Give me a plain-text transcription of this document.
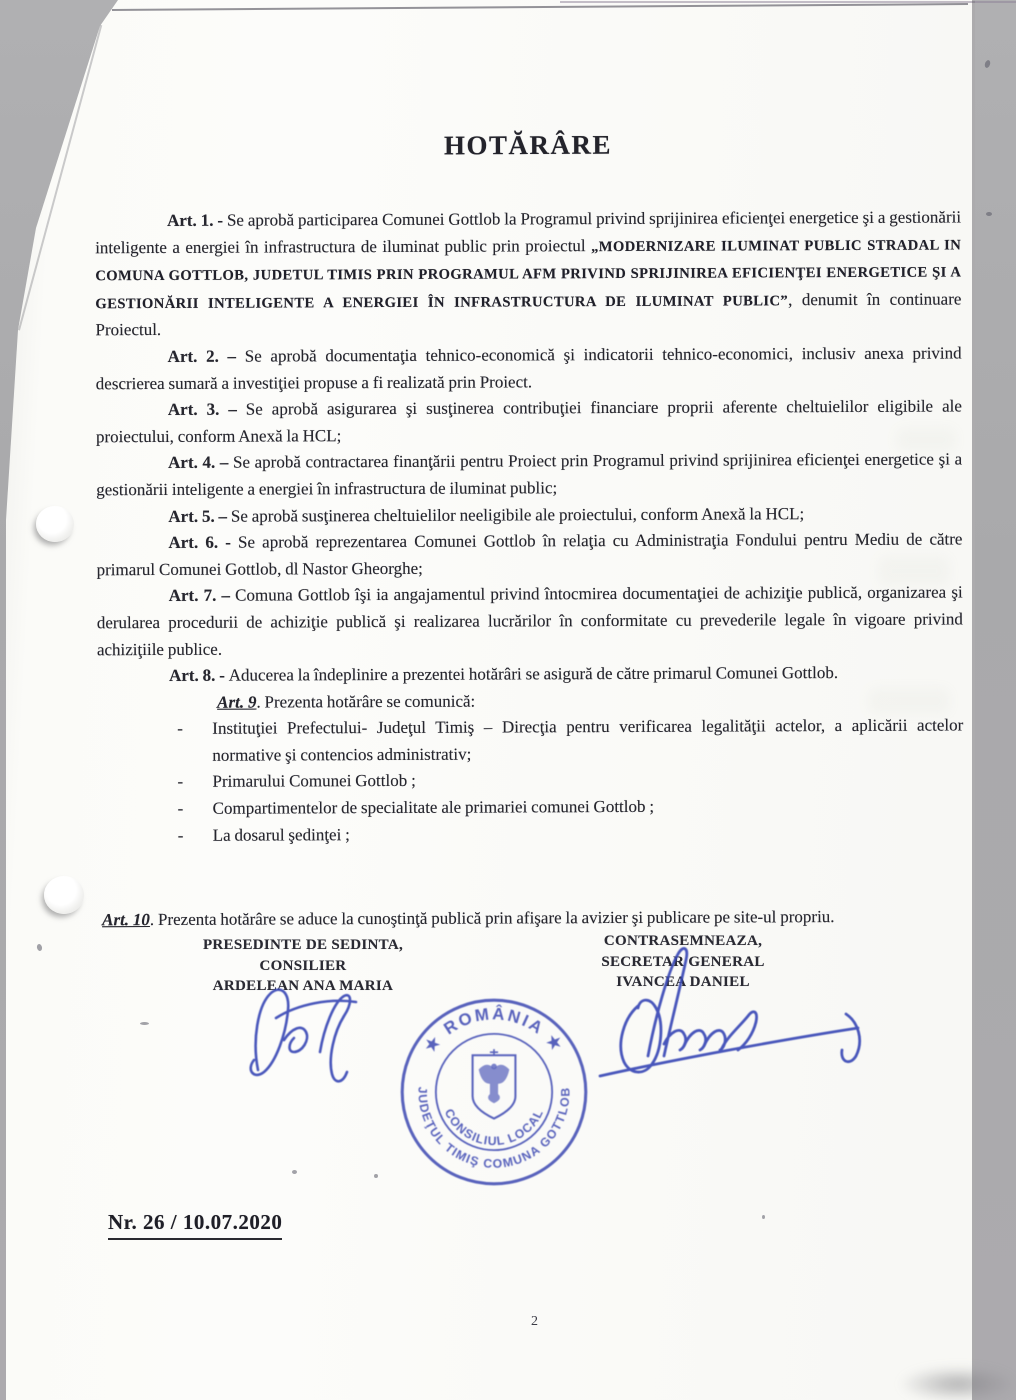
HOTĂRÂRE

Art. 1. - Se aprobă participarea Comunei Gottlob la Programul privind sprijinirea eficienţei energetice şi a gestionării inteligente a energiei în infrastructura de iluminat public prin proiectul „MODERNIZARE ILUMINAT PUBLIC STRADAL IN COMUNA GOTTLOB, JUDETUL TIMIS PRIN PROGRAMUL AFM PRIVIND SPRIJINIREA EFICIENŢEI ENERGETICE ŞI A GESTIONĂRII INTELIGENTE A ENERGIEI ÎN INFRASTRUCTURA DE ILUMINAT PUBLIC”, denumit în continuare Proiectul.

Art. 2. – Se aprobă documentaţia tehnico-economică şi indicatorii tehnico-economici, inclusiv anexa privind descrierea sumară a investiţiei propuse a fi realizată prin Proiect.

Art. 3. – Se aprobă asigurarea şi susţinerea contribuţiei financiare proprii aferente cheltuielilor eligibile ale proiectului, conform Anexă la HCL;

Art. 4. – Se aprobă contractarea finanţării pentru Proiect prin Programul privind sprijinirea eficienţei energetice şi a gestionării inteligente a energiei în infrastructura de iluminat public;

Art. 5. – Se aprobă susţinerea cheltuielilor neeligibile ale proiectului, conform Anexă la HCL;

Art. 6. - Se aprobă reprezentarea Comunei Gottlob în relaţia cu Administraţia Fondului pentru Mediu de către primarul Comunei Gottlob, dl Nastor Gheorghe;

Art. 7. – Comuna Gottlob îşi ia angajamentul privind întocmirea documentaţiei de achiziţie publică, organizarea şi derularea procedurii de achiziţie publică şi realizarea lucrărilor în conformitate cu prevederile legale în vigoare privind achiziţiile publice.

Art. 8. - Aducerea la îndeplinire a prezentei hotărâri se asigură de către primarul Comunei Gottlob.

Art. 9. Prezenta hotărâre se comunică:

- Instituţiei Prefectului- Judeţul Timiş – Direcţia pentru verificarea legalităţii actelor, a aplicării actelor normative şi contencios administrativ;
- Primarului Comunei Gottlob ;
- Compartimentelor de specialitate ale primariei comunei Gottlob ;
- La dosarul şedinţei ;

Art. 10. Prezenta hotărâre se aduce la cunoştinţă publică prin afişare la avizier şi publicare pe site-ul propriu.

PRESEDINTE DE SEDINTA,
CONSILIER
ARDELEAN ANA MARIA
CONTRASEMNEAZA,
SECRETAR GENERAL
IVANCEA DANIEL
★ ROMÂNIA ★
JUDEŢUL TIMIŞ COMUNA GOTTLOB
CONSILIUL LOCAL
Nr. 26 / 10.07.2020
2
